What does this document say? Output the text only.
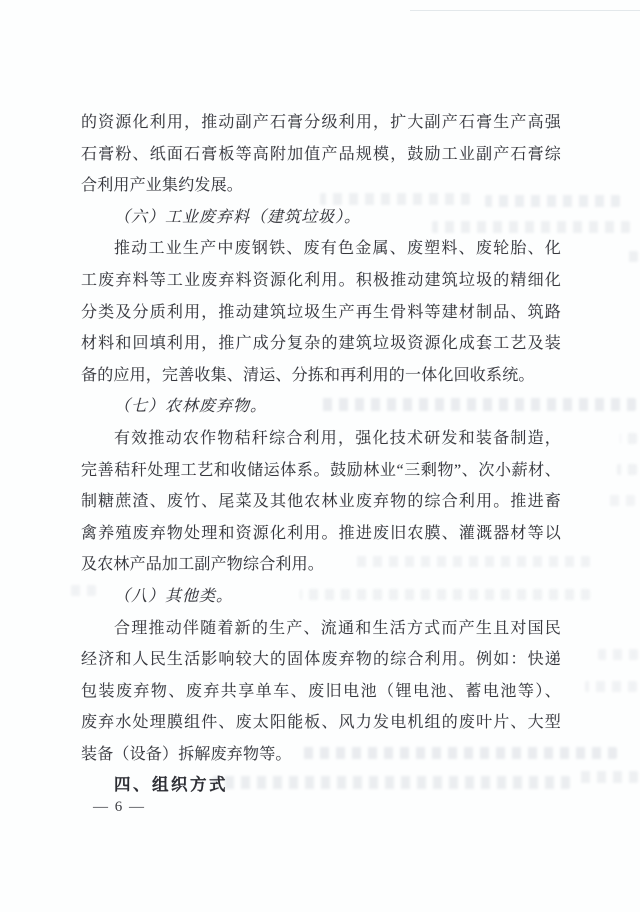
的资源化利用，推动副产石膏分级利用，扩大副产石膏生产高强
石膏粉、纸面石膏板等高附加值产品规模，鼓励工业副产石膏综
合利用产业集约发展。
（六）工业废弃料（建筑垃圾）。
推动工业生产中废钢铁、废有色金属、废塑料、废轮胎、化
工废弃料等工业废弃料资源化利用。积极推动建筑垃圾的精细化
分类及分质利用，推动建筑垃圾生产再生骨料等建材制品、筑路
材料和回填利用，推广成分复杂的建筑垃圾资源化成套工艺及装
备的应用，完善收集、清运、分拣和再利用的一体化回收系统。
（七）农林废弃物。
有效推动农作物秸秆综合利用，强化技术研发和装备制造，
完善秸秆处理工艺和收储运体系。鼓励林业“三剩物”、次小薪材、
制糖蔗渣、废竹、尾菜及其他农林业废弃物的综合利用。推进畜
禽养殖废弃物处理和资源化利用。推进废旧农膜、灌溉器材等以
及农林产品加工副产物综合利用。
（八）其他类。
合理推动伴随着新的生产、流通和生活方式而产生且对国民
经济和人民生活影响较大的固体废弃物的综合利用。例如：快递
包装废弃物、废弃共享单车、废旧电池（锂电池、蓄电池等）、
废弃水处理膜组件、废太阳能板、风力发电机组的废叶片、大型
装备（设备）拆解废弃物等。
四、组织方式
— 6 —
